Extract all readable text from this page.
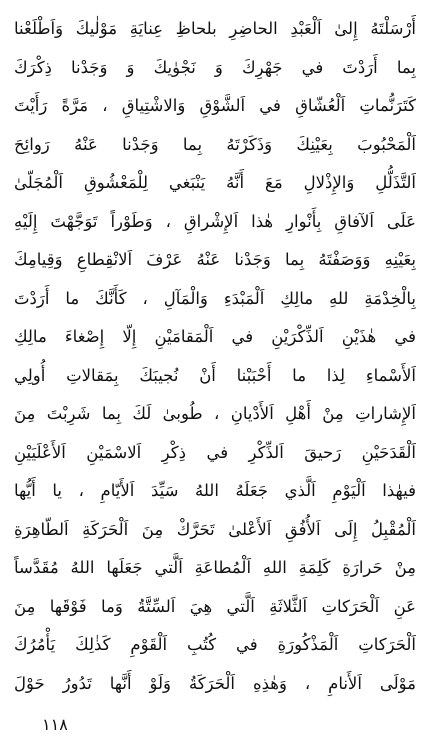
أَرْسَلْتَهُ إِلىٰ اَلْعَبْدِ الحاضِرِ بلحاظِ عِنايَةِ مَوْلٰيكَ وَاَطْلَعْنا
بِما أَرَدْتَ في جَهْرِكَ وَ نَجْوٰيكَ وَ وَجَدْنا ذِكْرَكَ
كَتَرَنُّماتِ اَلْعُشّاقِ في اَلشَّوْقِ وَالاشْتِياقِ ، مَرَّةً رَأَيْتَ
اَلْمَحْبُوبَ بِعَيْنِكَ وَذَكَرْتَهُ بِما وَجَدْنا عَنْهُ رَوائِحَ
اَلتَّذَلُّلِ وَالإِذْلالِ مَعَ أَنَّهُ يَنْبَغي لِلْمَعْشُوقِ اَلْمُجَلّىٰ
عَلَى اَلآفاقِ بِأَنْوارِ هٰذا اَلإِشْراقِ ، وَطَوْراً تَوَجَّهْتَ إِلَيْهِ
بِعَيْنِهِ وَوَصَفْتَهُ بِما وَجَدْنا عَنْهُ عَرْفَ اَلانْقِطاعِ وَقِيامِكَ
بِالْخِدْمَةِ للهِ مالِكِ اَلْمَبْدَءِ وَالْمَآلِ ، كَأَنَّكَ ما أَرَدْتَ
في هٰذَيْنِ اَلذِّكْرَيْنِ في اَلْمَقامَيْنِ إِلّا إِصْغاءَ مالِكِ
اَلأَسْماءِ لِذا ما أَحْبَبْنا أَنْ نُجيبَكَ بِمَقالاتِ أُولِي
اَلإِشاراتِ مِنْ أَهْلِ اَلأَدْيانِ ، طُوبىٰ لَكَ بِما شَرِبْتَ مِنَ
اَلْقَدَحَيْنِ رَحيقَ اَلذِّكْرِ في ذِكْرِ اَلاسْمَيْنِ اَلأَعْلَيَيْنِ
فيهٰذا اَلْيَوْمِ اَلَّذي جَعَلَهُ اللهُ سَيِّدَ اَلأَيّامِ ، يا أَيُّها
اَلْمُقْبِلُ إِلَى اَلأُفُقِ اَلأَعْلىٰ تَحَرَّكْ مِنَ اَلْحَرَكَةِ اَلطّاهِرَةِ
مِنْ حَرارَةِ كَلِمَةِ اللهِ اَلْمُطاعَةِ اَلَّتي جَعَلَها اللهُ مُقَدَّساً
عَنِ اَلْحَرَكاتِ اَلثَّلاثَةِ اَلَّتي هِيَ اَلسِّتَّةُ وَما فَوْقَها مِنَ
اَلْحَرَكاتِ اَلْمَذْكُورَةِ في كُتُبِ اَلْقَوْمِ كَذٰلِكَ يَأْمُرُكَ
مَوْلَى اَلأَنامِ ، وَهٰذِهِ اَلْحَرَكَةُ وَلَوْ أَنَّها تَدُورُ حَوْلَ
١١٨
